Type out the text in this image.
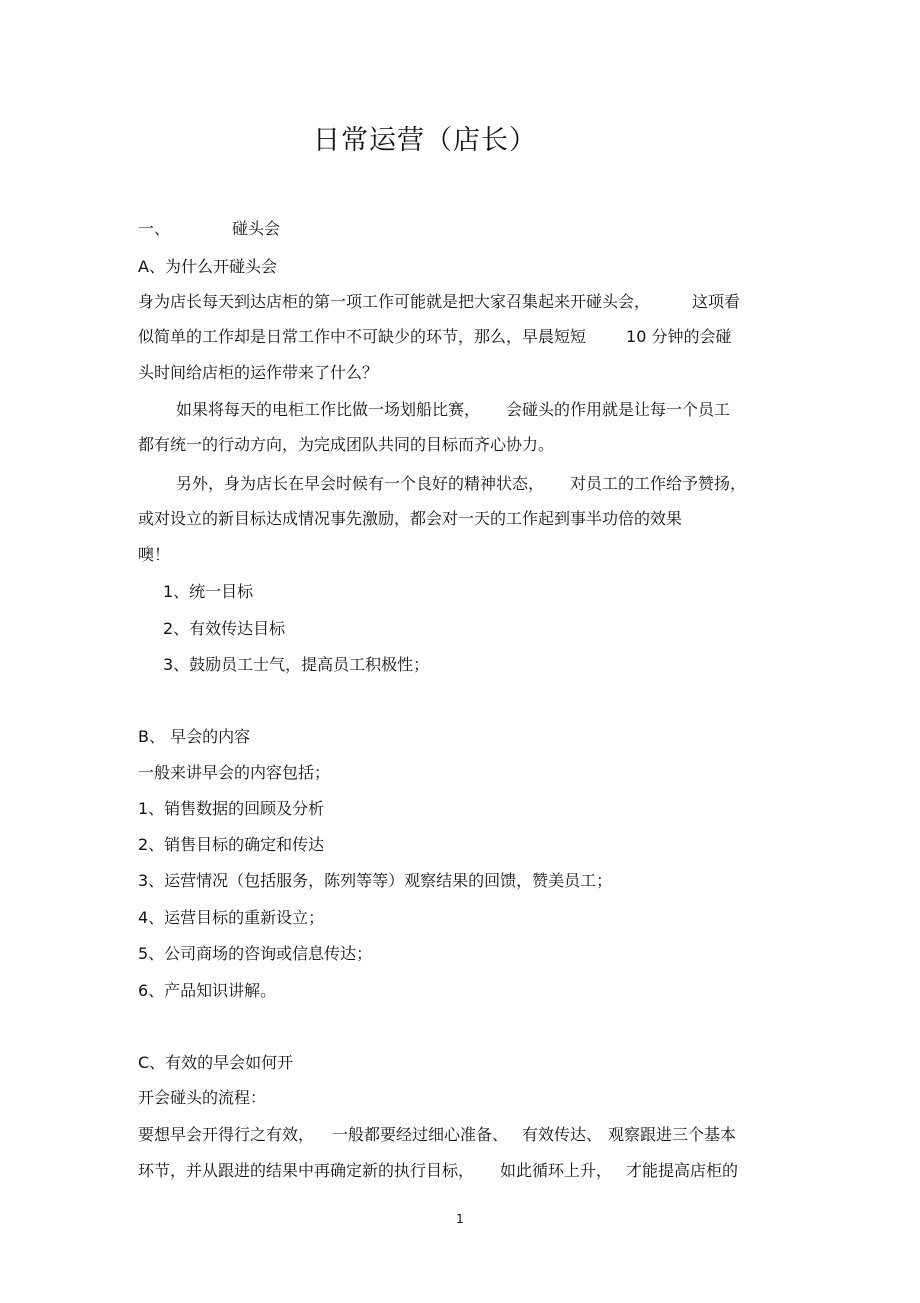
日常运营（店长）
一、	碰头会
A、为什么开碰头会
身为店长每天到达店柜的第一项工作可能就是把大家召集起来开碰头会，	这项看
似简单的工作却是日常工作中不可缺少的环节，那么，早晨短短	10 分钟的会碰
头时间给店柜的运作带来了什么？
如果将每天的电柜工作比做一场划船比赛， 会碰头的作用就是让每一个员工
都有统一的行动方向，为完成团队共同的目标而齐心协力。
另外，身为店长在早会时候有一个良好的精神状态， 对员工的工作给予赞扬，
或对设立的新目标达成情况事先激励，都会对一天的工作起到事半功倍的效果
噢！
1、统一目标
2、有效传达目标
3、鼓励员工士气，提高员工积极性；
B、 早会的内容
一般来讲早会的内容包括；
1、销售数据的回顾及分析
2、销售目标的确定和传达
3、运营情况（包括服务，陈列等等）观察结果的回馈，赞美员工；
4、运营目标的重新设立；
5、公司商场的咨询或信息传达；
6、产品知识讲解。
C、有效的早会如何开
开会碰头的流程：
要想早会开得行之有效， 一般都要经过细心准备、 有效传达、 观察跟进三个基本
环节，并从跟进的结果中再确定新的执行目标， 如此循环上升， 才能提高店柜的
1
